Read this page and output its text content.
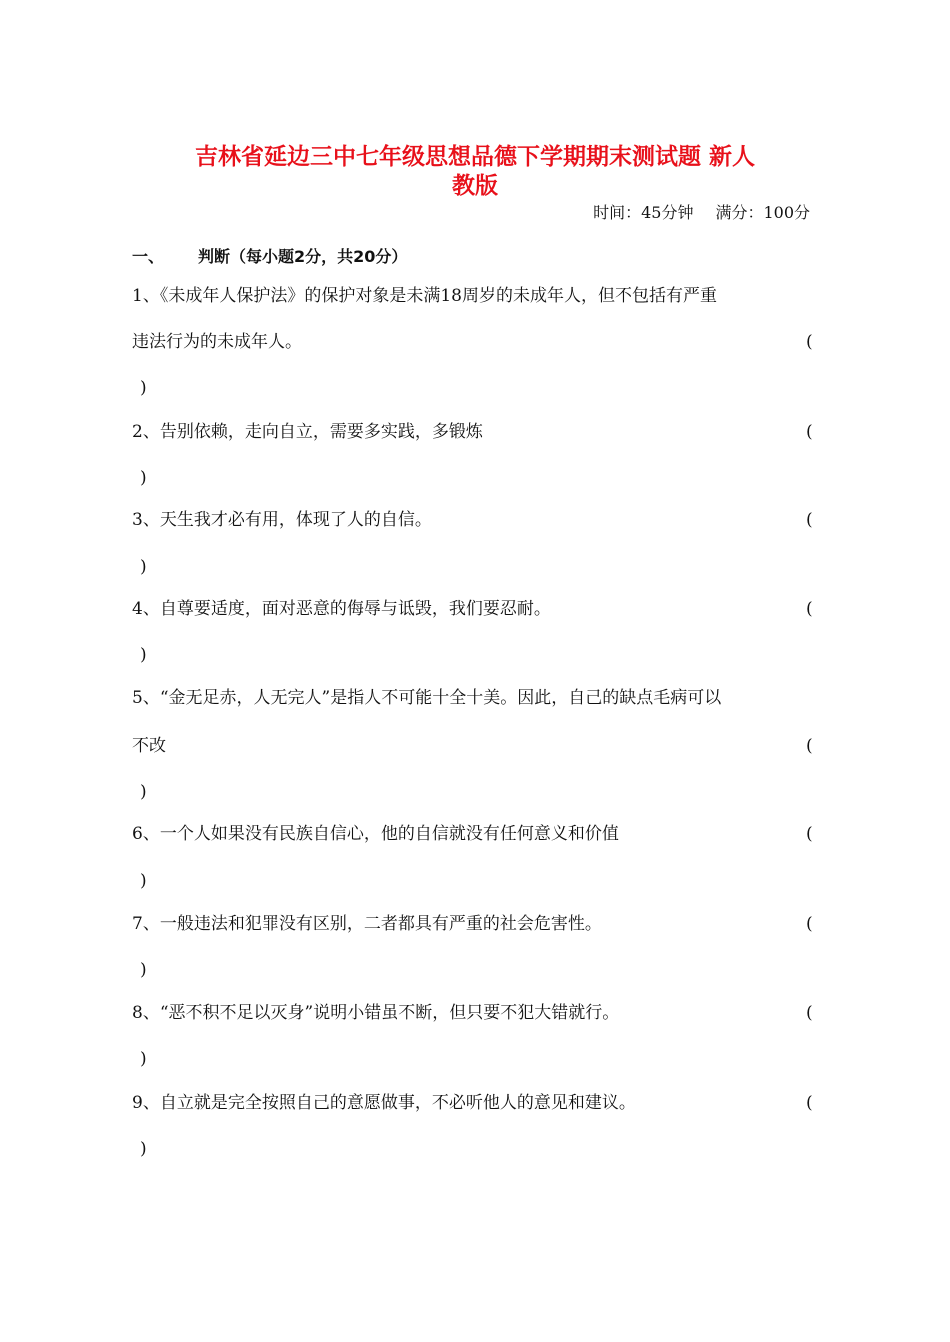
吉林省延边三中七年级思想品德下学期期末测试题 新人
教版
时间：45分钟 满分：100分
一、 判断（每小题2分，共20分）
1、《未成年人保护法》的保护对象是未满18周岁的未成年人，但不包括有严重
违法行为的未成年人。	(
)
2、告别依赖，走向自立，需要多实践，多锻炼	(
)
3、天生我才必有用，体现了人的自信。	(
)
4、自尊要适度，面对恶意的侮辱与诋毁，我们要忍耐。	(
)
5、“金无足赤，人无完人”是指人不可能十全十美。因此，自己的缺点毛病可以
不改	(
)
6、一个人如果没有民族自信心，他的自信就没有任何意义和价值	(
)
7、一般违法和犯罪没有区别，二者都具有严重的社会危害性。	(
)
8、“恶不积不足以灭身”说明小错虽不断，但只要不犯大错就行。	(
)
9、自立就是完全按照自己的意愿做事，不必听他人的意见和建议。	(
)
